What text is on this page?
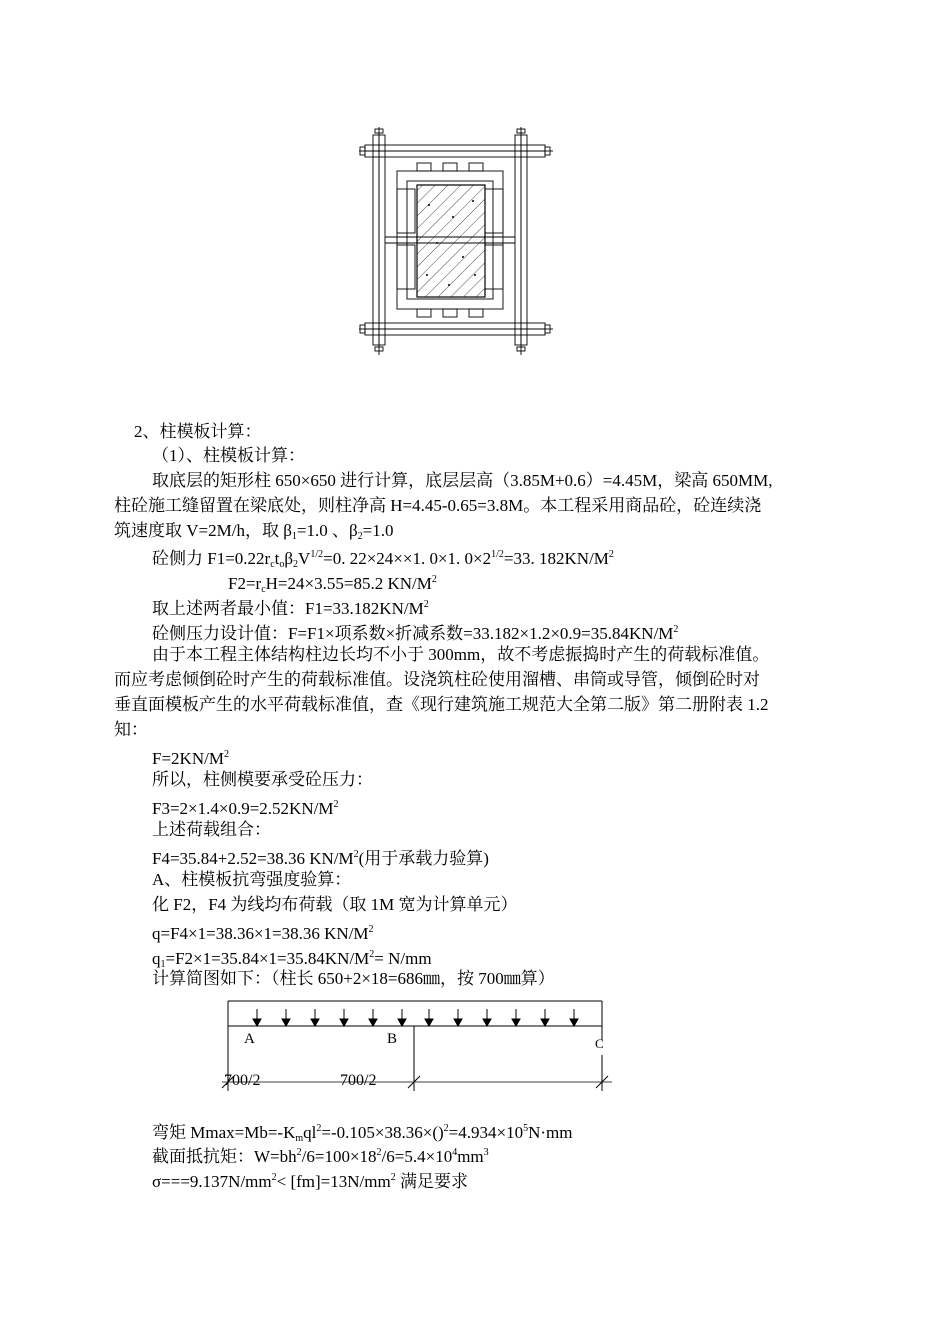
2、柱模板计算：
（1）、柱模板计算：
取底层的矩形柱 650×650 进行计算，底层层高（3.85M+0.6）=4.45M，梁高 650MM,
柱砼施工缝留置在梁底处，则柱净高 H=4.45-0.65=3.8M。本工程采用商品砼，砼连续浇
筑速度取 V=2M/h，取 $\beta_1=1.0$ 、$\beta_2=1.0$
砼侧力 $F1=0.22r_ct_o\beta_2V^{1/2}=0$. 22×24××1. 0×1. $0\times 2^{1/2}=33$. $182KN/M^2$
$F2=r_cH=24\times 3.55=85.2$ $KN/M^2$
取上述两者最小值：$F1=33.182KN/M^2$
砼侧压力设计值：F=F1×项系数×折减系数$=33.182\times 1.2\times 0.9=35.84KN/M^2$
由于本工程主体结构柱边长均不小于 300mm，故不考虑振捣时产生的荷载标准值。
而应考虑倾倒砼时产生的荷载标准值。设浇筑柱砼使用溜槽、串筒或导管，倾倒砼时对
垂直面模板产生的水平荷载标准值，查《现行建筑施工规范大全第二版》第二册附表 1.2
知：
$F=2KN/M^2$
所以，柱侧模要承受砼压力：
$F3=2\times 1.4\times 0.9=2.52KN/M^2$
上述荷载组合：
F4=35.84+2.52=38.36 $KN/M^2$(用于承载力验算)
A、柱模板抗弯强度验算：
化 F2，F4 为线均布荷载（取 1M 宽为计算单元）
q=F4×1=38.36×1=38.36 $KN/M^2$
$q_1=F2\times 1=35.84\times 1=35.84KN/M^2= N/mm$
计算简图如下：（柱长 650+2×18=686㎜，按 700㎜算）
A	B	C
700/2	700/2
弯矩 $Mmax=Mb=-K_mql^2=-0.105\times 38.36\times()^2=4.934\times 10^5N\cdot mm$
截面抵抗矩：$W=bh^2/6=100\times 18^2/6=5.4\times 10^4mm^3$
$\sigma===9.137N/mm^2< [fm]=13N/mm^2$ 满足要求
